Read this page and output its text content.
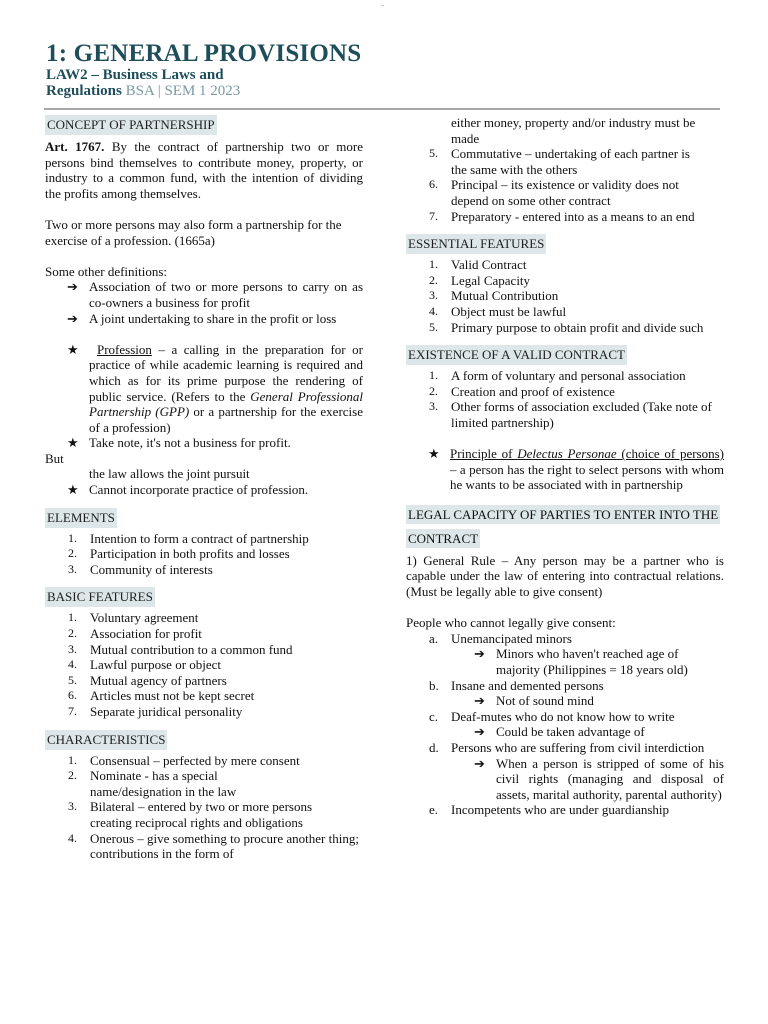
-
1: GENERAL PROVISIONS
LAW2 – Business Laws and
Regulations BSA | SEM 1 2023
CONCEPT OF PARTNERSHIP

Art. 1767. By the contract of partnership two or more persons bind themselves to contribute money, property, or industry to a common fund, with the intention of dividing the profits among themselves.

Two or more persons may also form a partnership for the exercise of a profession. (1665a)

Some other definitions:

➔ Association of two or more persons to carry on as co-owners a business for profit
➔ A joint undertaking to share in the profit or loss
★ Profession – a calling in the preparation for or practice of while academic learning is required and which as for its prime purpose the rendering of public service. (Refers to the General Professional Partnership (GPP) or a partnership for the exercise of a profession)
★ Take note, it's not a business for profit.

But

the law allows the joint pursuit

★ Cannot incorporate practice of profession.
ELEMENTS
1. Intention to form a contract of partnership
2. Participation in both profits and losses
3. Community of interests
BASIC FEATURES
1. Voluntary agreement
2. Association for profit
3. Mutual contribution to a common fund
4. Lawful purpose or object
5. Mutual agency of partners
6. Articles must not be kept secret
7. Separate juridical personality
CHARACTERISTICS
1. Consensual – perfected by mere consent
2. Nominate - has a special name/designation in the law
3. Bilateral – entered by two or more persons creating reciprocal rights and obligations
4. Onerous – give something to procure another thing; contributions in the form of

either money, property and/or industry must be made

5. Commutative – undertaking of each partner is the same with the others
6. Principal – its existence or validity does not depend on some other contract
7. Preparatory - entered into as a means to an end
ESSENTIAL FEATURES
1. Valid Contract
2. Legal Capacity
3. Mutual Contribution
4. Object must be lawful
5. Primary purpose to obtain profit and divide such
EXISTENCE OF A VALID CONTRACT
1. A form of voluntary and personal association
2. Creation and proof of existence
3. Other forms of association excluded (Take note of limited partnership)
★ Principle of Delectus Personae (choice of persons) – a person has the right to select persons with whom he wants to be associated with in partnership
LEGAL CAPACITY OF PARTIES TO ENTER INTO THE
CONTRACT

1) General Rule – Any person may be a partner who is capable under the law of entering into contractual relations. (Must be legally able to give consent)

People who cannot legally give consent:

a. Unemancipated minors
➔ Minors who haven't reached age of majority (Philippines = 18 years old)
b. Insane and demented persons
➔ Not of sound mind
c. Deaf-mutes who do not know how to write
➔ Could be taken advantage of
d. Persons who are suffering from civil interdiction
➔ When a person is stripped of some of his civil rights (managing and disposal of assets, marital authority, parental authority)
e. Incompetents who are under guardianship
